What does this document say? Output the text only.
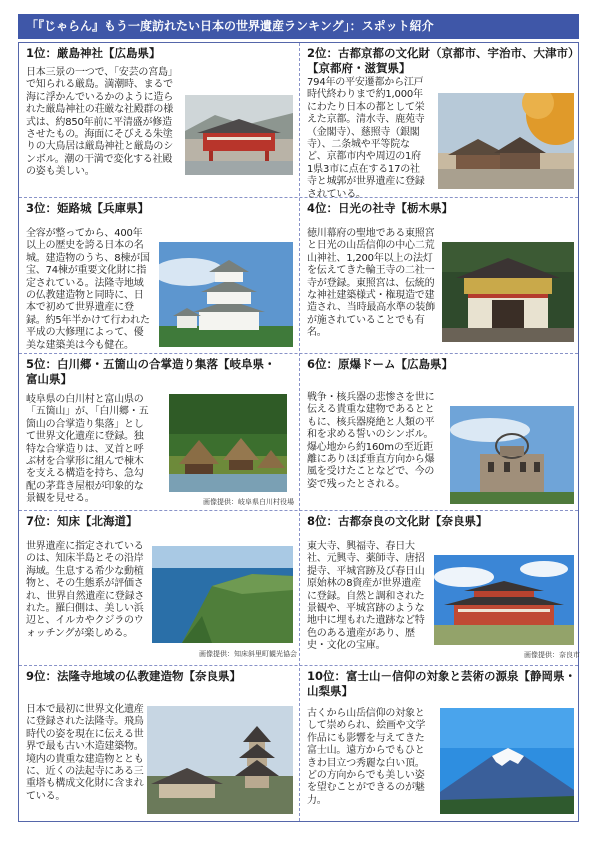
「『じゃらん』もう一度訪れたい日本の世界遺産ランキング」：スポット紹介
1位：厳島神社【広島県】
日本三景の一つで、「安芸の宮島」で知られる厳島。満潮時、まるで海に浮かんでいるかのように造られた厳島神社の荘厳な社殿群の様式は、約850年前に平清盛が修造させたもの。海面にそびえる朱塗りの大鳥居は厳島神社と厳島のシンボル。潮の干満で変化する社殿の姿も美しい。
2位：古都京都の文化財（京都市、宇治市、大津市）【京都府・滋賀県】
794年の平安遷都から江戸時代終わりまで約1,000年にわたり日本の都として栄えた京都。清水寺、鹿苑寺（金閣寺）、慈照寺（銀閣寺）、二条城や平等院など、京都市内や周辺の1府1県3市に点在する17の社寺と城郭が世界遺産に登録されている。
3位：姫路城【兵庫県】
全容が整ってから、400年以上の歴史を誇る日本の名城。建造物のうち、8棟が国宝、74棟が重要文化財に指定されている。法隆寺地域の仏教建造物と同時に、日本で初めて世界遺産に登録。約5年半かけて行われた平成の大修理によって、優美な建築美は今も健在。
4位：日光の社寺【栃木県】
徳川幕府の聖地である東照宮と日光の山岳信仰の中心二荒山神社、1,200年以上の法灯を伝えてきた輪王寺の二社一寺が登録。東照宮は、伝統的な神社建築様式・権現造で建造され、当時最高水準の装飾が施されていることでも有名。
5位：白川郷・五箇山の合掌造り集落【岐阜県・富山県】
岐阜県の白川村と富山県の「五箇山」が、「白川郷・五箇山の合掌造り集落」として世界文化遺産に登録。独特な合掌造りは、叉首と呼ぶ材を合掌形に組んで棟木を支える構造を持ち、急勾配の茅葺き屋根が印象的な景観を見せる。	画像提供：岐阜県白川村役場
6位：原爆ドーム【広島県】
戦争・核兵器の悲惨さを世に伝える貴重な建物であるとともに、核兵器廃絶と人類の平和を求める誓いのシンボル。爆心地から約160mの至近距離にありほぼ垂直方向から爆風を受けたことなどで、今の姿で残ったとされる。
7位：知床【北海道】
世界遺産に指定されているのは、知床半島とその沿岸海域。生息する希少な動植物と、その生態系が評価され、世界自然遺産に登録された。羅臼側は、美しい浜辺と、イルカやクジラのウォッチングが楽しめる。
画像提供：知床斜里町観光協会
8位：古都奈良の文化財【奈良県】
東大寺、興福寺、春日大社、元興寺、薬師寺、唐招提寺、平城宮跡及び春日山原始林の8資産が世界遺産に登録。自然と調和された景観や、平城宮跡のような地中に埋もれた遺跡など特色のある遺産があり、歴史・文化の宝庫。
画像提供：奈良市
9位：法隆寺地域の仏教建造物【奈良県】
日本で最初に世界文化遺産に登録された法隆寺。飛鳥時代の姿を現在に伝える世界で最も古い木造建築物。境内の貴重な建造物とともに、近くの法起寺にある三重塔も構成文化財に含まれている。
10位：富士山－信仰の対象と芸術の源泉【静岡県・山梨県】
古くから山岳信仰の対象として崇められ、絵画や文学作品にも影響を与えてきた富士山。遠方からでもひときわ目立つ秀麗な白い頂。どの方向からでも美しい姿を望むことができるのが魅力。
